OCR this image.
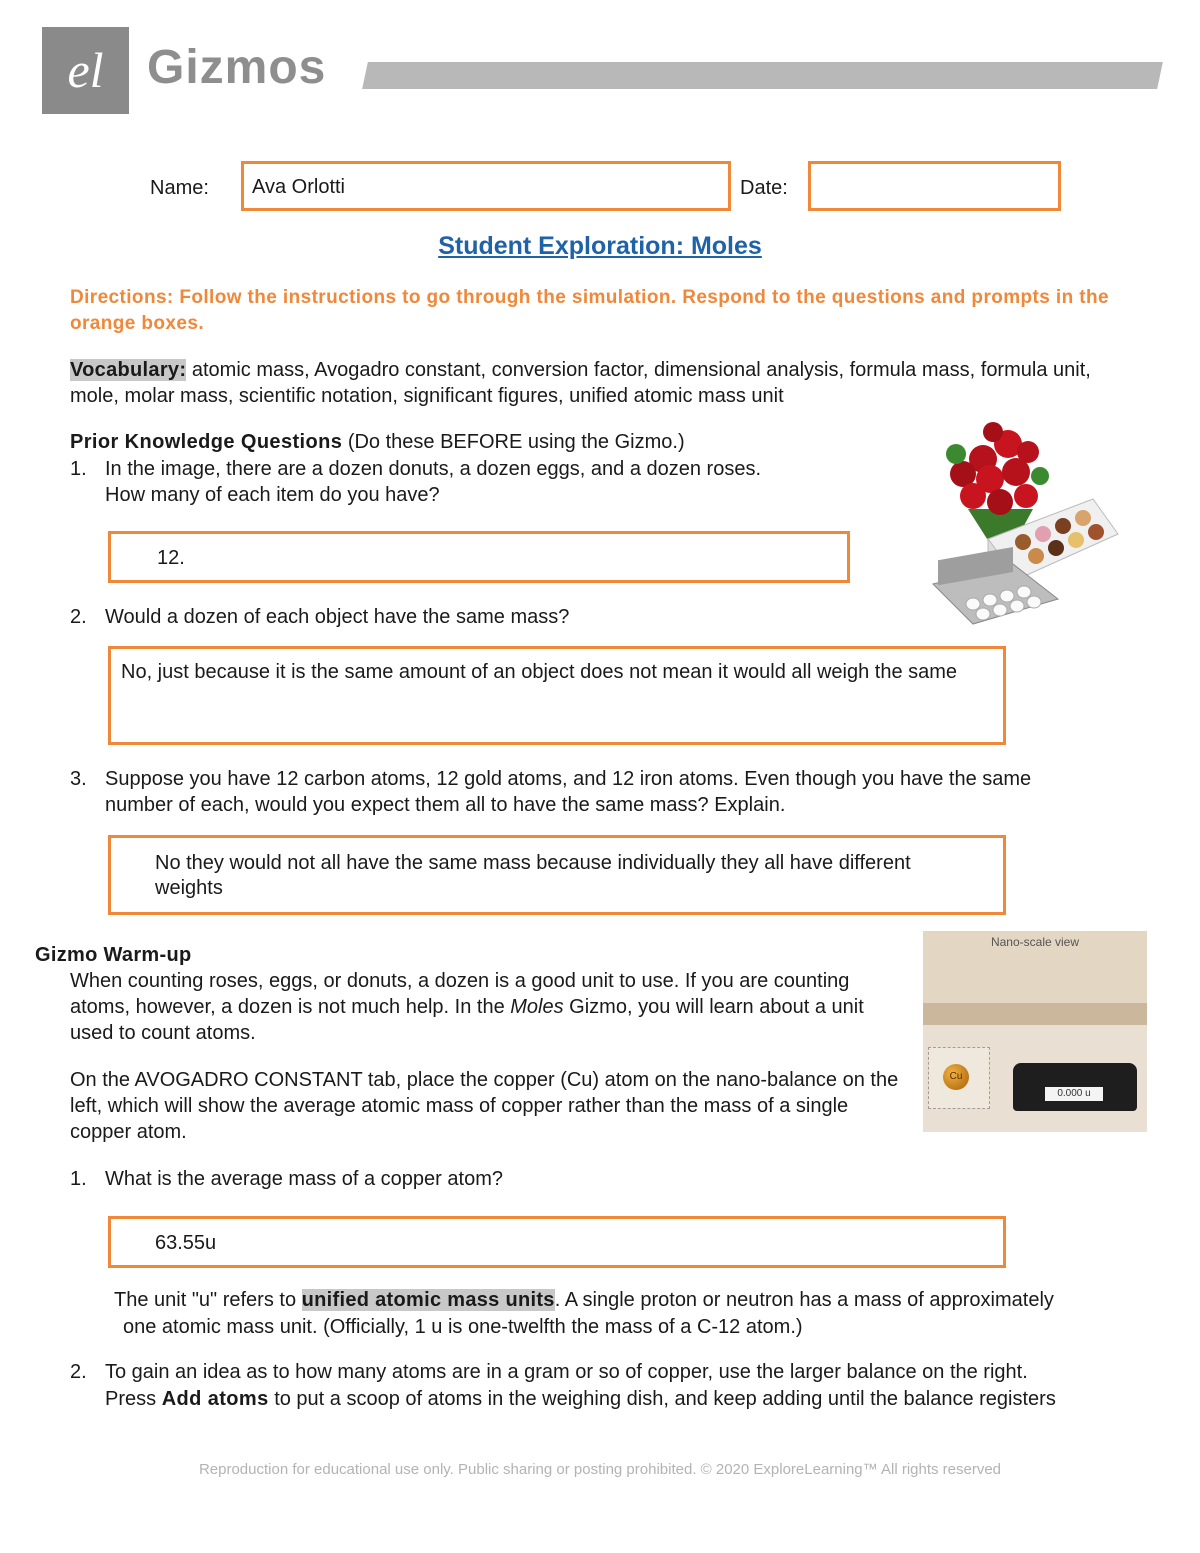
el Gizmos
Name:	Ava Orlotti	Date:
Student Exploration: Moles
Directions: Follow the instructions to go through the simulation. Respond to the questions and prompts in the orange boxes.
Vocabulary: atomic mass, Avogadro constant, conversion factor, dimensional analysis, formula mass, formula unit, mole, molar mass, scientific notation, significant figures, unified atomic mass unit
Prior Knowledge Questions (Do these BEFORE using the Gizmo.)
1. In the image, there are a dozen donuts, a dozen eggs, and a dozen roses.
How many of each item do you have?
12.
2. Would a dozen of each object have the same mass?
No, just because it is the same amount of an object does not mean it would all weigh the same
3. Suppose you have 12 carbon atoms, 12 gold atoms, and 12 iron atoms. Even though you have the same
number of each, would you expect them all to have the same mass? Explain.
No they would not all have the same mass because individually they all have different weights
Gizmo Warm-up
When counting roses, eggs, or donuts, a dozen is a good unit to use. If you are counting atoms, however, a dozen is not much help. In the Moles Gizmo, you will learn about a unit used to count atoms.
On the AVOGADRO CONSTANT tab, place the copper (Cu) atom on the nano-balance on the left, which will show the average atomic mass of copper rather than the mass of a single copper atom.
Nano-scale view
Cu
0.000 u
1. What is the average mass of a copper atom?
63.55u
The unit "u" refers to unified atomic mass units. A single proton or neutron has a mass of approximately
one atomic mass unit. (Officially, 1 u is one-twelfth the mass of a C-12 atom.)
2. To gain an idea as to how many atoms are in a gram or so of copper, use the larger balance on the right.
Press Add atoms to put a scoop of atoms in the weighing dish, and keep adding until the balance registers
Reproduction for educational use only. Public sharing or posting prohibited. © 2020 ExploreLearning™ All rights reserved
